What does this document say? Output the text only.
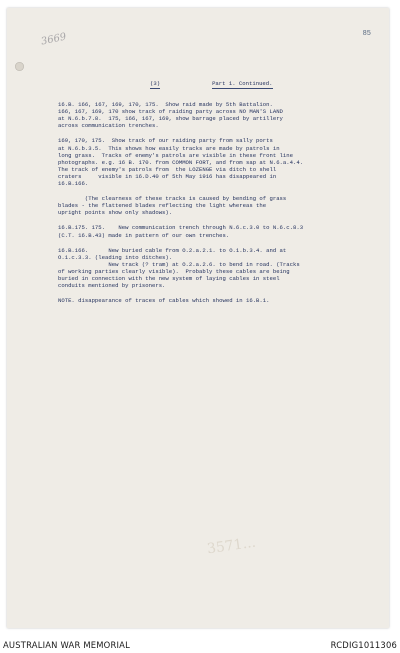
85
3669
3571...
(3)	Part 1. Continued.
16.B. 166, 167, 169, 170, 175.  Show raid made by 5th Battalion.
166, 167, 169, 170 show track of raiding party across NO MAN'S LAND
at N.6.b.7.8.  175, 166, 167, 169, show barrage placed by artillery
across communication trenches.
169, 170, 175.  Show track of our raiding party from sally ports
at N.6.b.3.5.  This shows how easily tracks are made by patrols in
long grass.  Tracks of enemy's patrols are visible in these front line
photographs. e.g. 16 B. 170. from COMMON FORT, and from sap at N.6.a.4.4.
The track of enemy's patrols from  the LOZENGE via ditch to shell
craters     visible in 16.D.40 of 5th May 1916 has disappeared in
16.B.166.
(The clearness of these tracks is caused by bending of grass
blades - the flattened blades reflecting the light whereas the
upright points show only shadows).
16.B.175. 175.    New communication trench through N.6.c.3.0 to N.6.c.8.3
(C.T. 16.B.43) made in pattern of our own trenches.
16.B.166.      New buried cable from O.2.a.2.1. to O.1.b.3.4. and at
O.1.c.3.3. (leading into ditches).
New track (? tram) at O.2.a.2.6. to bend in road. (Tracks
of working parties clearly visible).  Probably these cables are being
buried in connection with the new system of laying cables in steel
conduits mentioned by prisoners.
NOTE. disappearance of traces of cables which showed in 16.B.1.
AUSTRALIAN WAR MEMORIAL	RCDIG1011306
